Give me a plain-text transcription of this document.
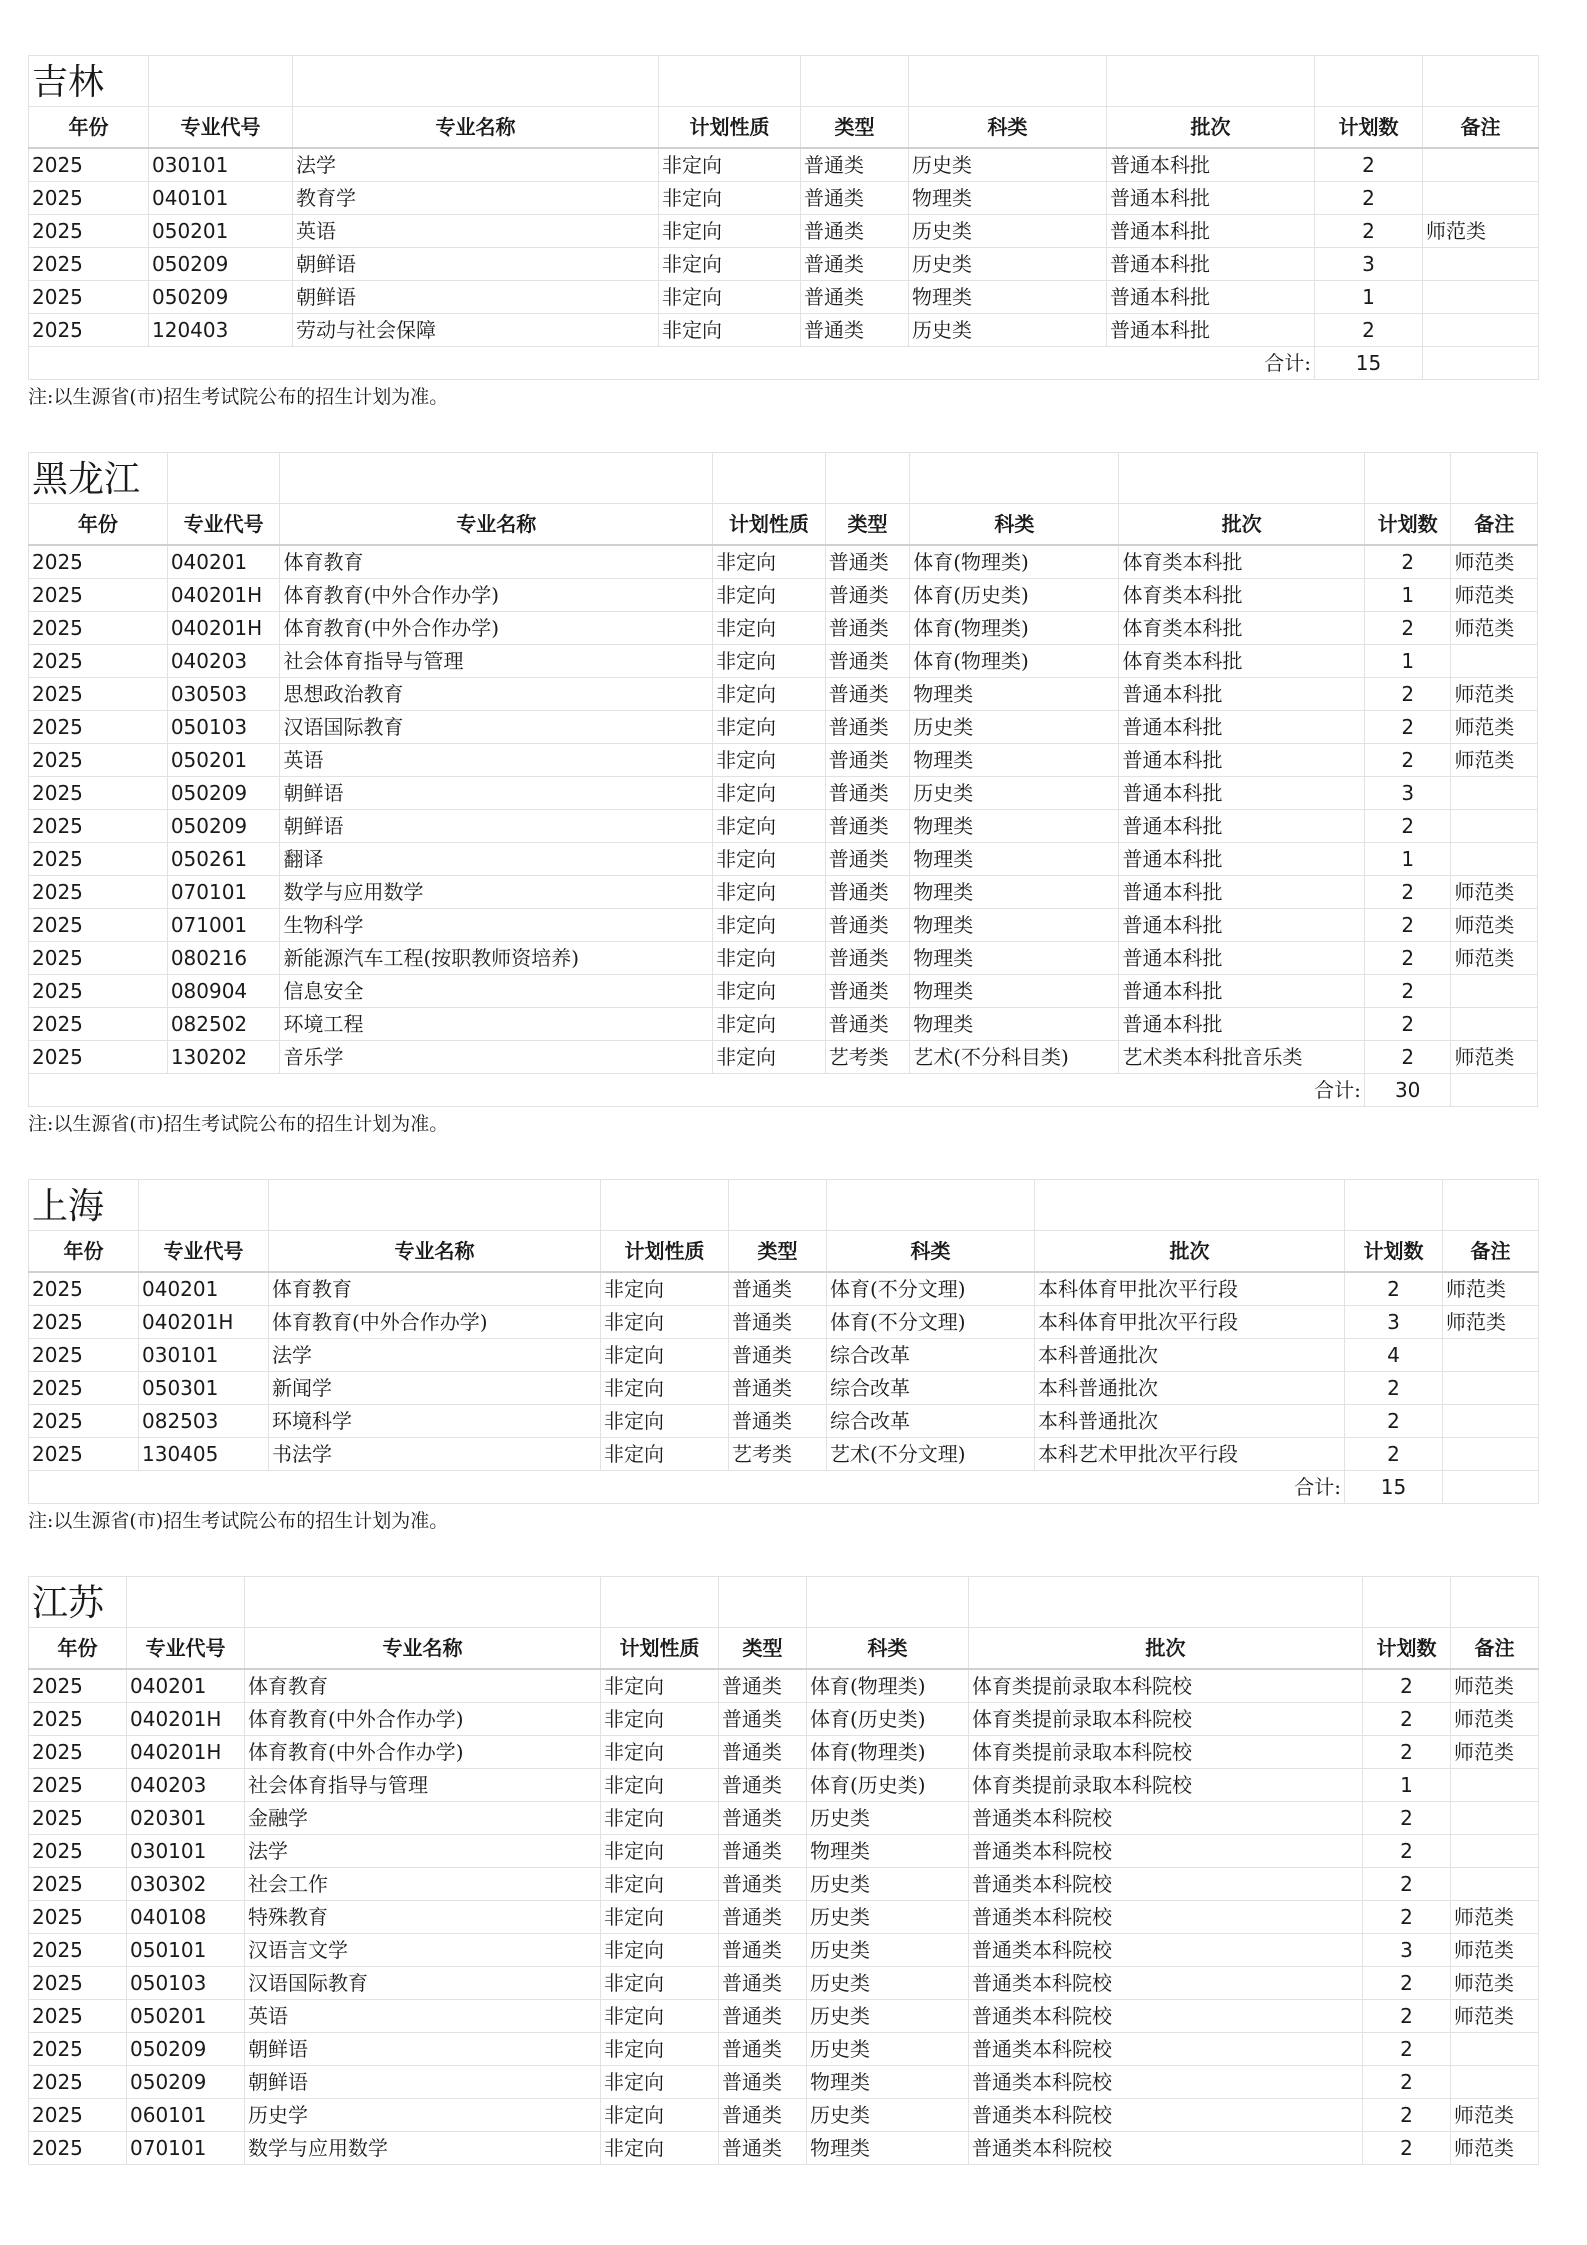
吉林								

年份	专业代号	专业名称	计划性质	类型	科类	批次	计划数	备注
2025	030101	法学	非定向	普通类	历史类	普通本科批	2	
2025	040101	教育学	非定向	普通类	物理类	普通本科批	2	
2025	050201	英语	非定向	普通类	历史类	普通本科批	2	师范类
2025	050209	朝鲜语	非定向	普通类	历史类	普通本科批	3	
2025	050209	朝鲜语	非定向	普通类	物理类	普通本科批	1	
2025	120403	劳动与社会保障	非定向	普通类	历史类	普通本科批	2	
合计:							15	
注:以生源省(市)招生考试院公布的招生计划为准。
黑龙江								

年份	专业代号	专业名称	计划性质	类型	科类	批次	计划数	备注
2025	040201	体育教育	非定向	普通类	体育(物理类)	体育类本科批	2	师范类
2025	040201H	体育教育(中外合作办学)	非定向	普通类	体育(历史类)	体育类本科批	1	师范类
2025	040201H	体育教育(中外合作办学)	非定向	普通类	体育(物理类)	体育类本科批	2	师范类
2025	040203	社会体育指导与管理	非定向	普通类	体育(物理类)	体育类本科批	1	
2025	030503	思想政治教育	非定向	普通类	物理类	普通本科批	2	师范类
2025	050103	汉语国际教育	非定向	普通类	历史类	普通本科批	2	师范类
2025	050201	英语	非定向	普通类	物理类	普通本科批	2	师范类
2025	050209	朝鲜语	非定向	普通类	历史类	普通本科批	3	
2025	050209	朝鲜语	非定向	普通类	物理类	普通本科批	2	
2025	050261	翻译	非定向	普通类	物理类	普通本科批	1	
2025	070101	数学与应用数学	非定向	普通类	物理类	普通本科批	2	师范类
2025	071001	生物科学	非定向	普通类	物理类	普通本科批	2	师范类
2025	080216	新能源汽车工程(按职教师资培养)	非定向	普通类	物理类	普通本科批	2	师范类
2025	080904	信息安全	非定向	普通类	物理类	普通本科批	2	
2025	082502	环境工程	非定向	普通类	物理类	普通本科批	2	
2025	130202	音乐学	非定向	艺考类	艺术(不分科目类)	艺术类本科批音乐类	2	师范类
合计:							30	
注:以生源省(市)招生考试院公布的招生计划为准。
上海								

年份	专业代号	专业名称	计划性质	类型	科类	批次	计划数	备注
2025	040201	体育教育	非定向	普通类	体育(不分文理)	本科体育甲批次平行段	2	师范类
2025	040201H	体育教育(中外合作办学)	非定向	普通类	体育(不分文理)	本科体育甲批次平行段	3	师范类
2025	030101	法学	非定向	普通类	综合改革	本科普通批次	4	
2025	050301	新闻学	非定向	普通类	综合改革	本科普通批次	2	
2025	082503	环境科学	非定向	普通类	综合改革	本科普通批次	2	
2025	130405	书法学	非定向	艺考类	艺术(不分文理)	本科艺术甲批次平行段	2	
合计:							15	
注:以生源省(市)招生考试院公布的招生计划为准。
江苏								

年份	专业代号	专业名称	计划性质	类型	科类	批次	计划数	备注
2025	040201	体育教育	非定向	普通类	体育(物理类)	体育类提前录取本科院校	2	师范类
2025	040201H	体育教育(中外合作办学)	非定向	普通类	体育(历史类)	体育类提前录取本科院校	2	师范类
2025	040201H	体育教育(中外合作办学)	非定向	普通类	体育(物理类)	体育类提前录取本科院校	2	师范类
2025	040203	社会体育指导与管理	非定向	普通类	体育(历史类)	体育类提前录取本科院校	1	
2025	020301	金融学	非定向	普通类	历史类	普通类本科院校	2	
2025	030101	法学	非定向	普通类	物理类	普通类本科院校	2	
2025	030302	社会工作	非定向	普通类	历史类	普通类本科院校	2	
2025	040108	特殊教育	非定向	普通类	历史类	普通类本科院校	2	师范类
2025	050101	汉语言文学	非定向	普通类	历史类	普通类本科院校	3	师范类
2025	050103	汉语国际教育	非定向	普通类	历史类	普通类本科院校	2	师范类
2025	050201	英语	非定向	普通类	历史类	普通类本科院校	2	师范类
2025	050209	朝鲜语	非定向	普通类	历史类	普通类本科院校	2	
2025	050209	朝鲜语	非定向	普通类	物理类	普通类本科院校	2	
2025	060101	历史学	非定向	普通类	历史类	普通类本科院校	2	师范类
2025	070101	数学与应用数学	非定向	普通类	物理类	普通类本科院校	2	师范类
